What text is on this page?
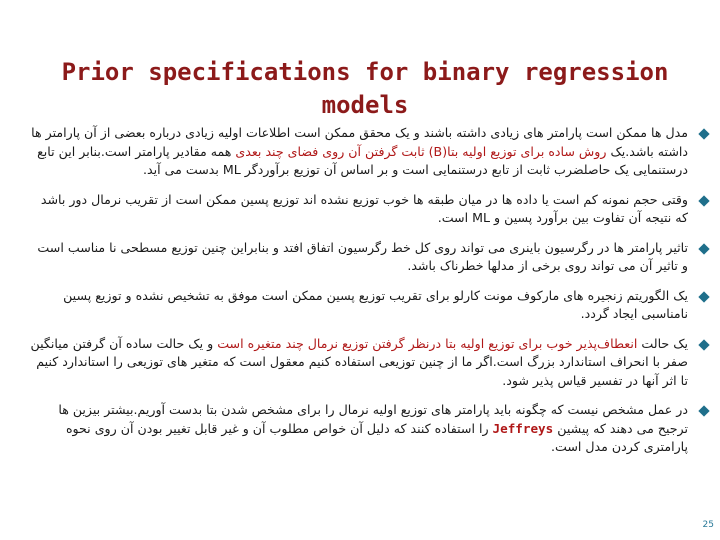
Prior specifications for binary regression models
مدل ها ممکن است پارامتر های زیادی داشته باشند و یک محقق ممکن است اطلاعات اولیه زیادی درباره بعضی از آن پارامتر ها داشته باشد.یک روش ساده برای توزیع اولیه بتا(B) ثابت گرفتن آن روی فضای چند بعدی همه مقادیر پارامتر است.بنابر این تابع درستنمایی یک حاصلضرب ثابت از تابع درستنمایی است و بر اساس آن توزیع برآوردگر ML بدست می آید.
وقتی حجم نمونه کم است یا داده ها در میان طبقه ها خوب توزیع نشده اند توزیع پسین ممکن است از تقریب نرمال دور باشد که نتیجه آن تفاوت بین برآورد پسین و ML است.
تاثیر پارامتر ها در رگرسیون باینری می تواند روی کل خط رگرسیون اتفاق افتد و بنابراین چنین توزیع مسطحی نا مناسب است و تاثیر آن می تواند روی برخی از مدلها خطرناک باشد.
یک الگوریتم زنجیره های مارکوف مونت کارلو برای تقریب توزیع پسین ممکن است موفق به تشخیص نشده و توزیع پسین نامناسبی ایجاد گردد.
یک حالت انعطاف‌پذیر خوب برای توزیع اولیه بتا درنظر گرفتن توزیع نرمال چند متغیره است و یک حالت ساده آن گرفتن میانگین صفر با انحراف استاندارد بزرگ است.اگر ما از چنین توزیعی استفاده کنیم معقول است که متغیر های توزیعی را استاندارد کنیم تا اثر آنها در تفسیر قیاس پذیر شود.
در عمل مشخص نیست که چگونه باید پارامتر های توزیع اولیه نرمال را برای مشخص شدن بتا بدست آوریم.بیشتر بیزین ها ترجیح می دهند که پیشین Jeffreys را استفاده کنند که دلیل آن خواص مطلوب آن و غیر قابل تغییر بودن آن روی نحوه پارامتری کردن مدل است.
25
